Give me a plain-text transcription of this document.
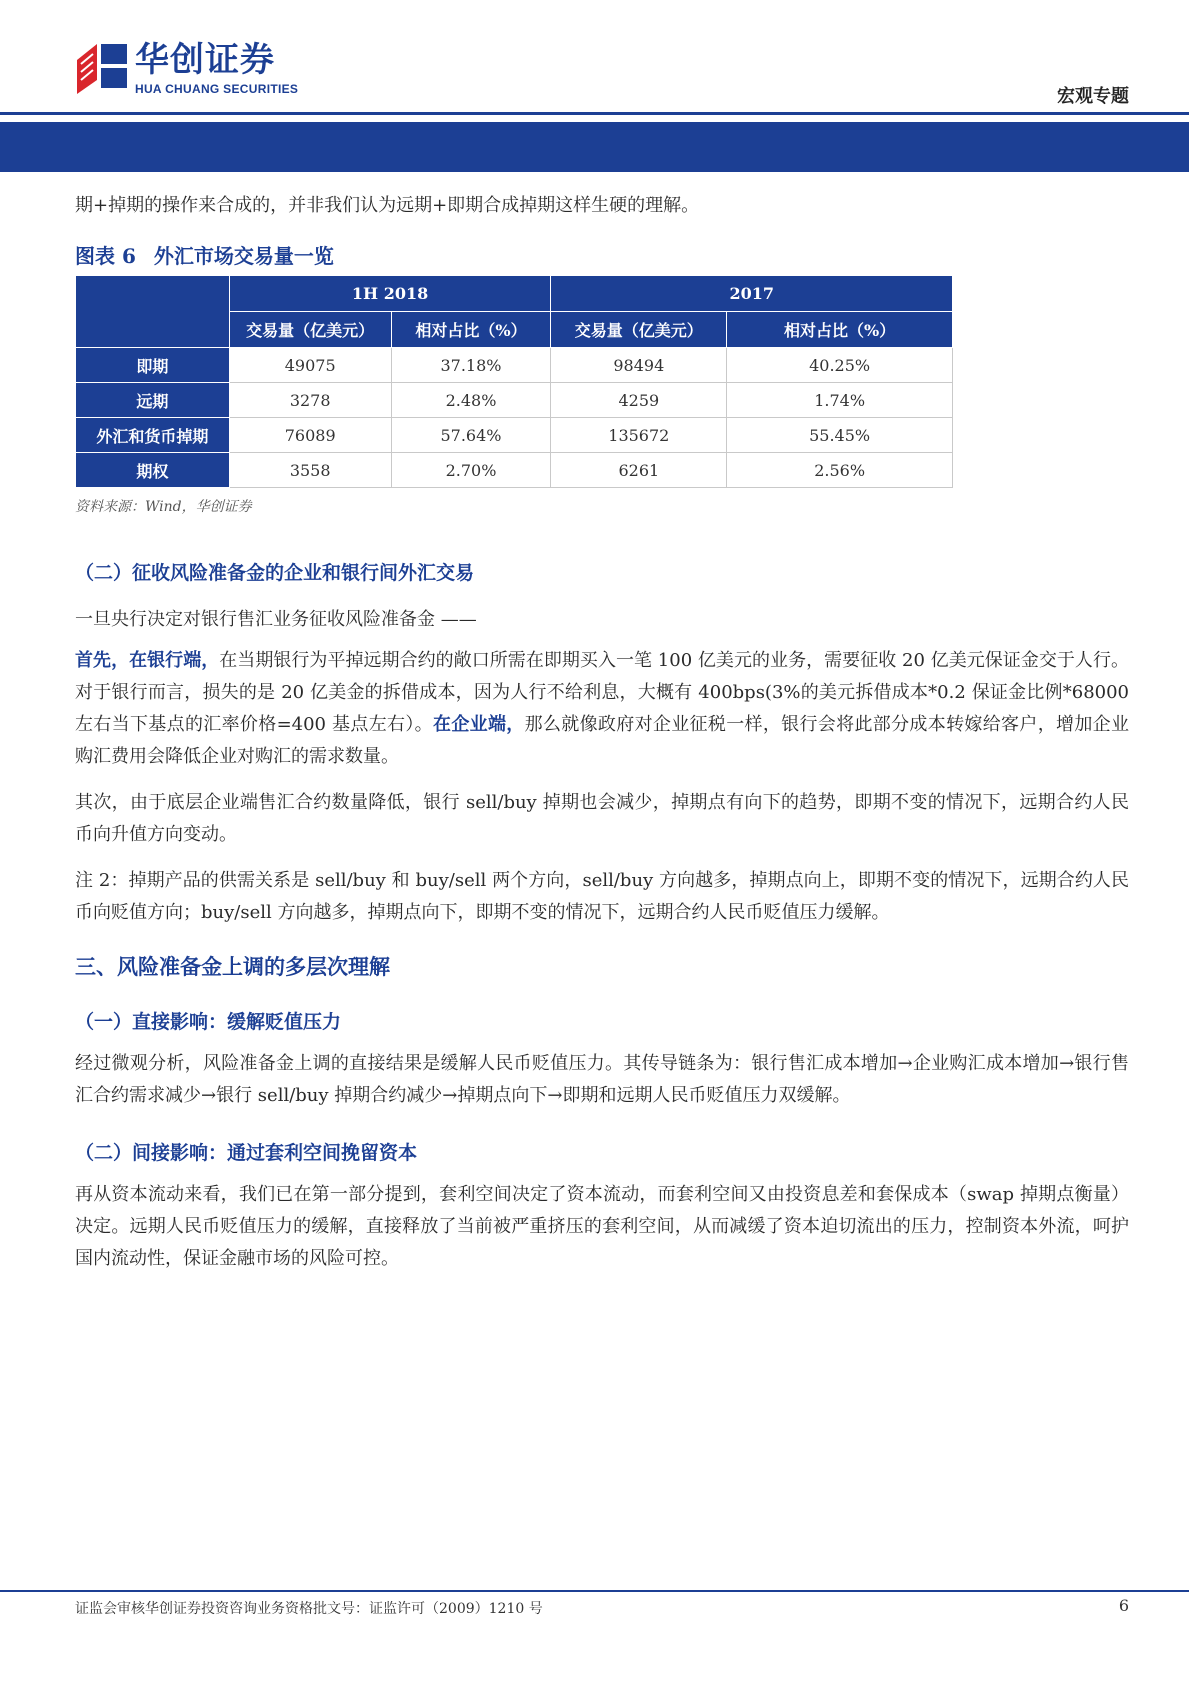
华创证券
HUA CHUANG SECURITIES	宏观专题

期+掉期的操作来合成的，并非我们认为远期+即期合成掉期这样生硬的理解。

图表 6 外汇市场交易量一览
	1H 2018		2017	
	交易量（亿美元）	相对占比（%）	交易量（亿美元）	相对占比（%）
即期	49075	37.18%	98494	40.25%
远期	3278	2.48%	4259	1.74%
外汇和货币掉期	76089	57.64%	135672	55.45%
期权	3558	2.70%	6261	2.56%
资料来源：Wind，华创证券
（二）征收风险准备金的企业和银行间外汇交易

一旦央行决定对银行售汇业务征收风险准备金 ——

首先，在银行端，在当期银行为平掉远期合约的敞口所需在即期买入一笔 100 亿美元的业务，需要征收 20 亿美元保证金交于人行。对于银行而言，损失的是 20 亿美金的拆借成本，因为人行不给利息，大概有 400bps(3%的美元拆借成本*0.2 保证金比例*68000 左右当下基点的汇率价格=400 基点左右）。在企业端，那么就像政府对企业征税一样，银行会将此部分成本转嫁给客户，增加企业购汇费用会降低企业对购汇的需求数量。

其次，由于底层企业端售汇合约数量降低，银行 sell/buy 掉期也会减少，掉期点有向下的趋势，即期不变的情况下，远期合约人民币向升值方向变动。

注 2：掉期产品的供需关系是 sell/buy 和 buy/sell 两个方向，sell/buy 方向越多，掉期点向上，即期不变的情况下，远期合约人民币向贬值方向；buy/sell 方向越多，掉期点向下，即期不变的情况下，远期合约人民币贬值压力缓解。

三、风险准备金上调的多层次理解
（一）直接影响：缓解贬值压力

经过微观分析，风险准备金上调的直接结果是缓解人民币贬值压力。其传导链条为：银行售汇成本增加→企业购汇成本增加→银行售汇合约需求减少→银行 sell/buy 掉期合约减少→掉期点向下→即期和远期人民币贬值压力双缓解。

（二）间接影响：通过套利空间挽留资本

再从资本流动来看，我们已在第一部分提到，套利空间决定了资本流动，而套利空间又由投资息差和套保成本（swap 掉期点衡量）决定。远期人民币贬值压力的缓解，直接释放了当前被严重挤压的套利空间，从而减缓了资本迫切流出的压力，控制资本外流，呵护国内流动性，保证金融市场的风险可控。

证监会审核华创证券投资咨询业务资格批文号：证监许可（2009）1210 号	6
